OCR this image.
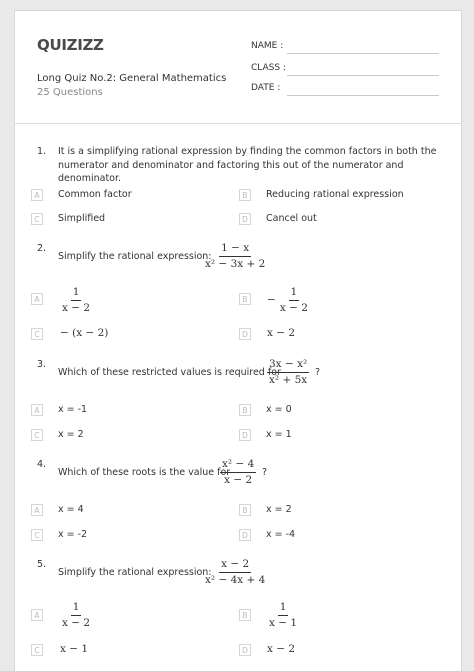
QUIZIZZ
Long Quiz No.2: General Mathematics
25 Questions
NAME :
CLASS :
DATE :
1. It is a simplifying rational expression by finding the common factors in both the numerator and denominator and factoring this out of the numerator and denominator.
A	Common factor	B	Reducing rational expression
C	Simplified	D	Cancel out
2.
Simplify the rational expression:
$\frac{1 - x}{\text{x² − 3x + 2}}$
A	$\frac{1}{x - 2}$	B	− $\frac{1}{x - 2}$
C	− (x − 2)	D x − 2
3.
Which of these restricted values is required for
$\frac{\text{3x − x²}}{\text{x² + 5x}}$ ?
A	x = -1	B	x = 0
C	x = 2	D	x = 1
4.
Which of these roots is the value for
$\frac{\text{x² − 4}}{x - 2}$ ?
A	x = 4	B	x = 2
C	x = -2	D	x = -4
5.
Simplify the rational expression:
$\frac{x - 2}{\text{x² − 4x + 4}}$
A	$\frac{1}{x - 2}$	B	$\frac{1}{x - 1}$
C	x − 1	D x − 2
